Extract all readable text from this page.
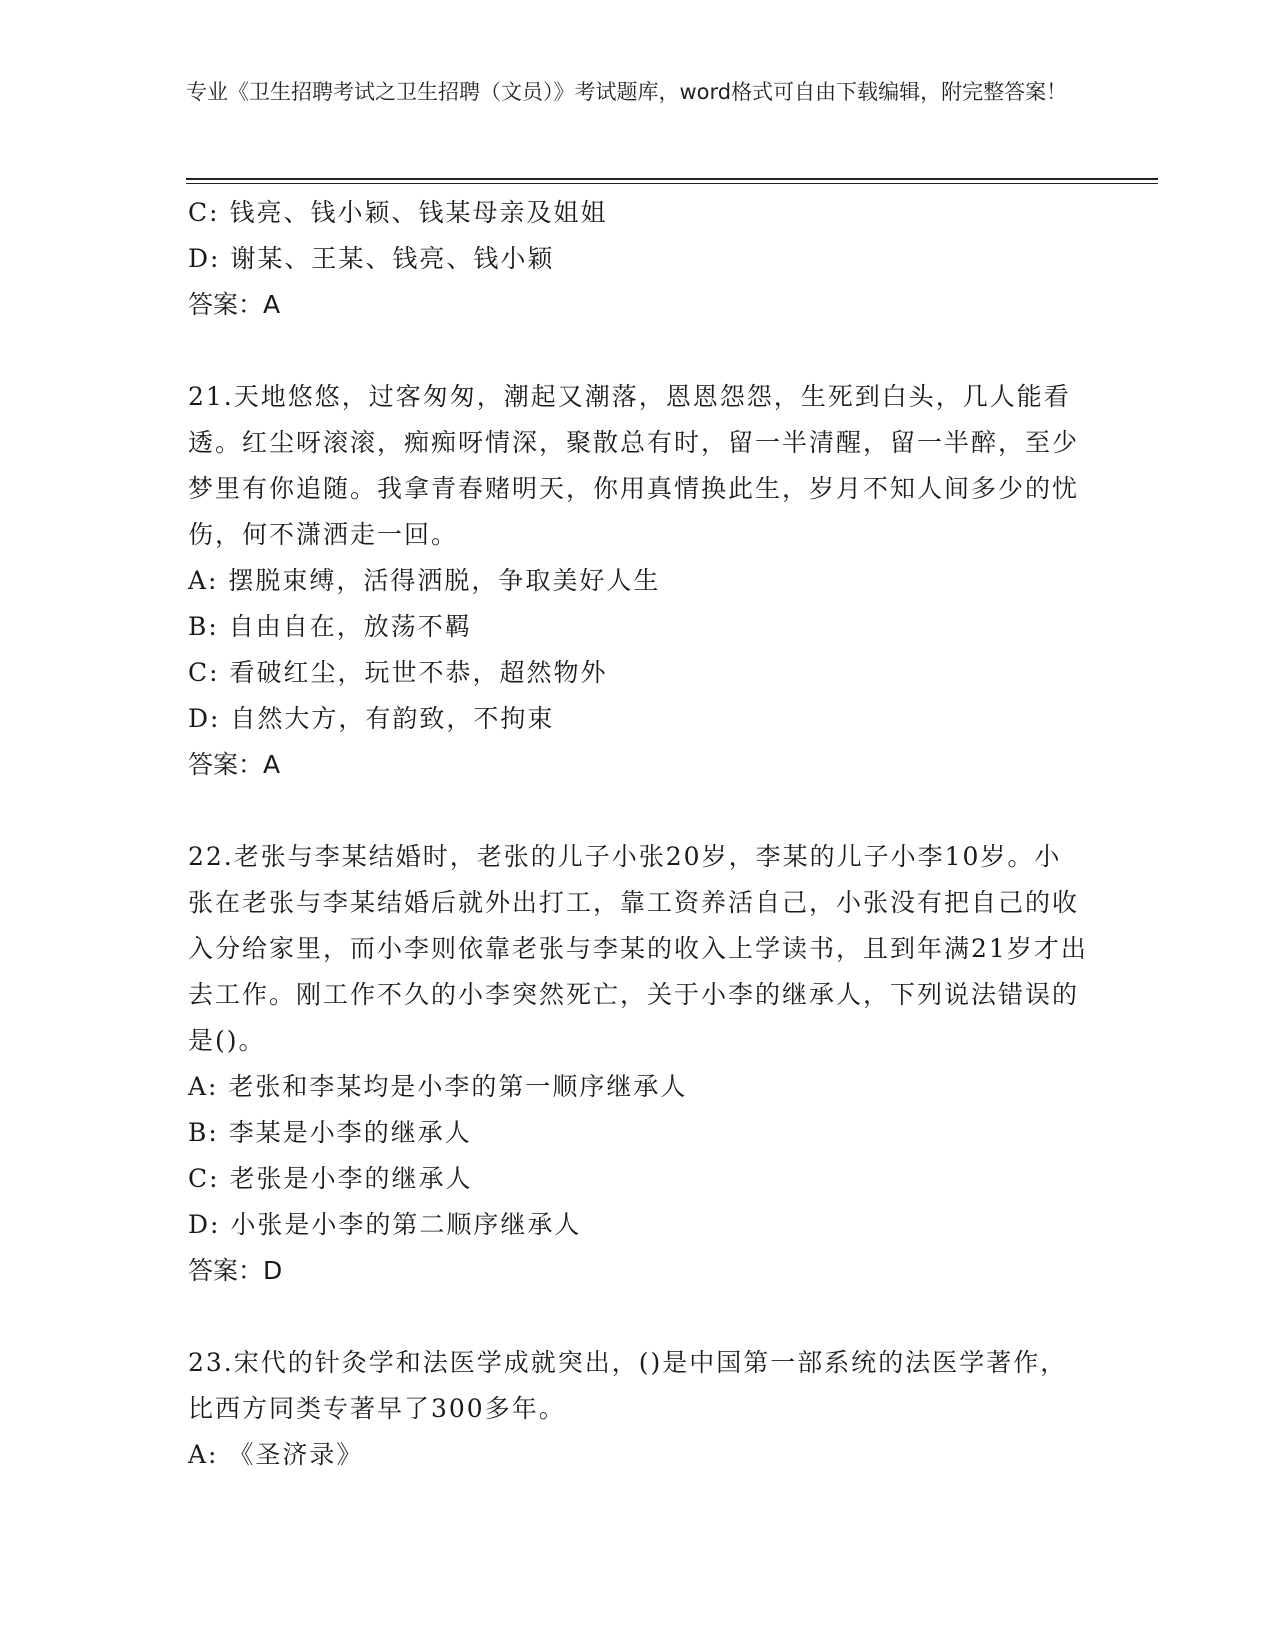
专业《卫生招聘考试之卫生招聘（文员）》考试题库，word格式可自由下载编辑，附完整答案！

C: 钱亮、钱小颖、钱某母亲及姐姐

D: 谢某、王某、钱亮、钱小颖

答案：A

21.天地悠悠，过客匆匆，潮起又潮落，恩恩怨怨，生死到白头，几人能看透。红尘呀滚滚，痴痴呀情深，聚散总有时，留一半清醒，留一半醉，至少梦里有你追随。我拿青春赌明天，你用真情换此生，岁月不知人间多少的忧伤，何不潇洒走一回。

A: 摆脱束缚，活得洒脱，争取美好人生

B: 自由自在，放荡不羁

C: 看破红尘，玩世不恭，超然物外

D: 自然大方，有韵致，不拘束

答案：A

22.老张与李某结婚时，老张的儿子小张20岁，李某的儿子小李10岁。小张在老张与李某结婚后就外出打工，靠工资养活自己，小张没有把自己的收入分给家里，而小李则依靠老张与李某的收入上学读书，且到年满21岁才出去工作。刚工作不久的小李突然死亡，关于小李的继承人，下列说法错误的是()。

A: 老张和李某均是小李的第一顺序继承人

B: 李某是小李的继承人

C: 老张是小李的继承人

D: 小张是小李的第二顺序继承人

答案：D

23.宋代的针灸学和法医学成就突出，()是中国第一部系统的法医学著作，比西方同类专著早了300多年。

A: 《圣济录》
